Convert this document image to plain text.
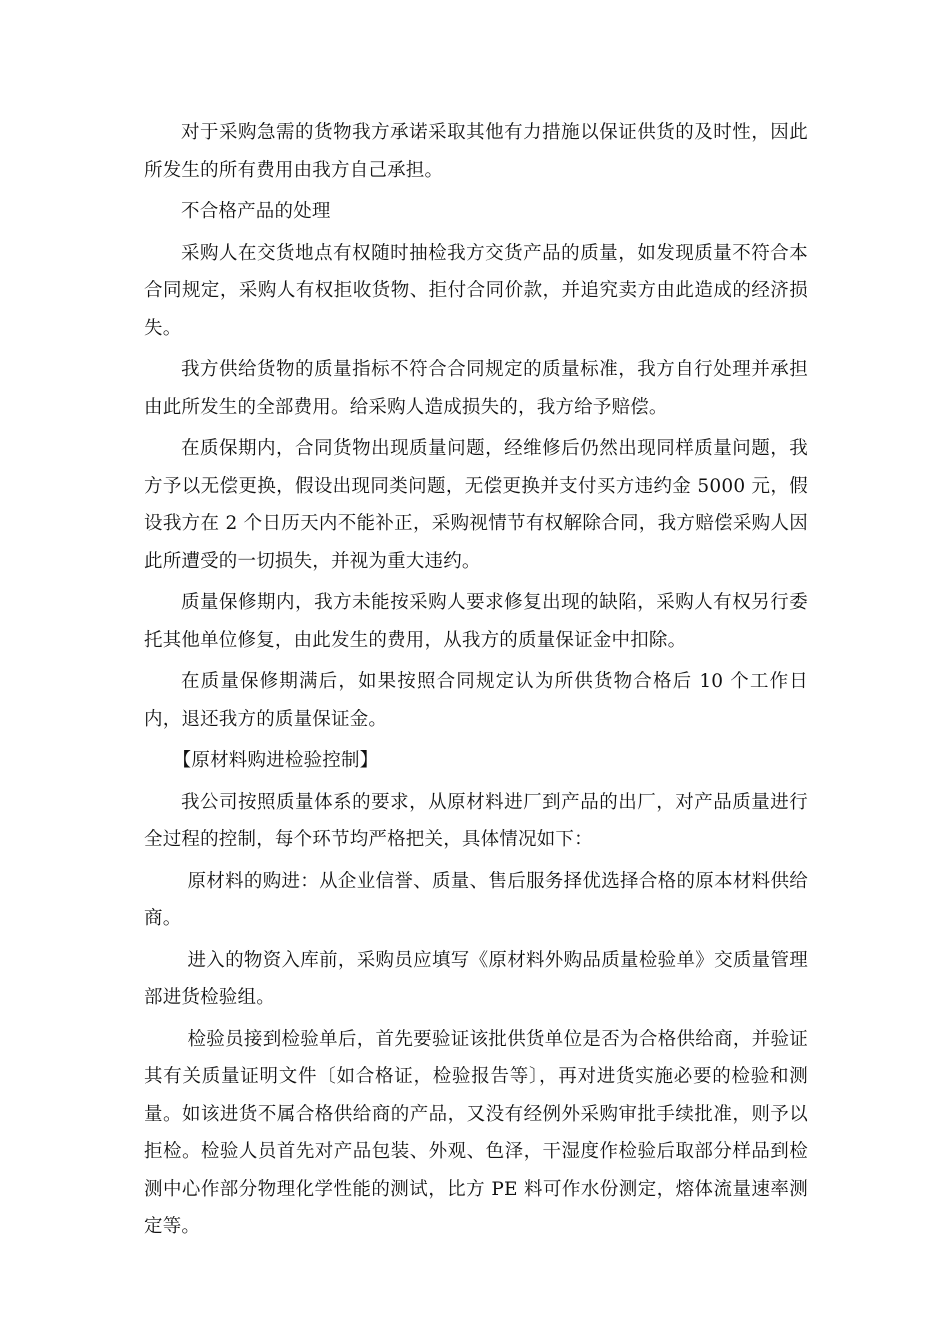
对于采购急需的货物我方承诺采取其他有力措施以保证供货的及时性，因此所发生的所有费用由我方自己承担。

不合格产品的处理

采购人在交货地点有权随时抽检我方交货产品的质量，如发现质量不符合本合同规定，采购人有权拒收货物、拒付合同价款，并追究卖方由此造成的经济损失。

我方供给货物的质量指标不符合合同规定的质量标准，我方自行处理并承担由此所发生的全部费用。给采购人造成损失的，我方给予赔偿。

在质保期内，合同货物出现质量问题，经维修后仍然出现同样质量问题，我方予以无偿更换，假设出现同类问题，无偿更换并支付买方违约金 5000 元，假设我方在 2 个日历天内不能补正，采购视情节有权解除合同，我方赔偿采购人因此所遭受的一切损失，并视为重大违约。

质量保修期内，我方未能按采购人要求修复出现的缺陷，采购人有权另行委托其他单位修复，由此发生的费用，从我方的质量保证金中扣除。

在质量保修期满后，如果按照合同规定认为所供货物合格后 10 个工作日内，退还我方的质量保证金。

【原材料购进检验控制】

我公司按照质量体系的要求，从原材料进厂到产品的出厂，对产品质量进行全过程的控制，每个环节均严格把关，具体情况如下：

原材料的购进：从企业信誉、质量、售后服务择优选择合格的原本材料供给商。

进入的物资入库前，采购员应填写《原材料外购品质量检验单》交质量管理部进货检验组。

检验员接到检验单后，首先要验证该批供货单位是否为合格供给商，并验证其有关质量证明文件〔如合格证，检验报告等〕，再对进货实施必要的检验和测量。如该进货不属合格供给商的产品，又没有经例外采购审批手续批准，则予以拒检。检验人员首先对产品包装、外观、色泽，干湿度作检验后取部分样品到检测中心作部分物理化学性能的测试，比方 PE 料可作水份测定，熔体流量速率测定等。
